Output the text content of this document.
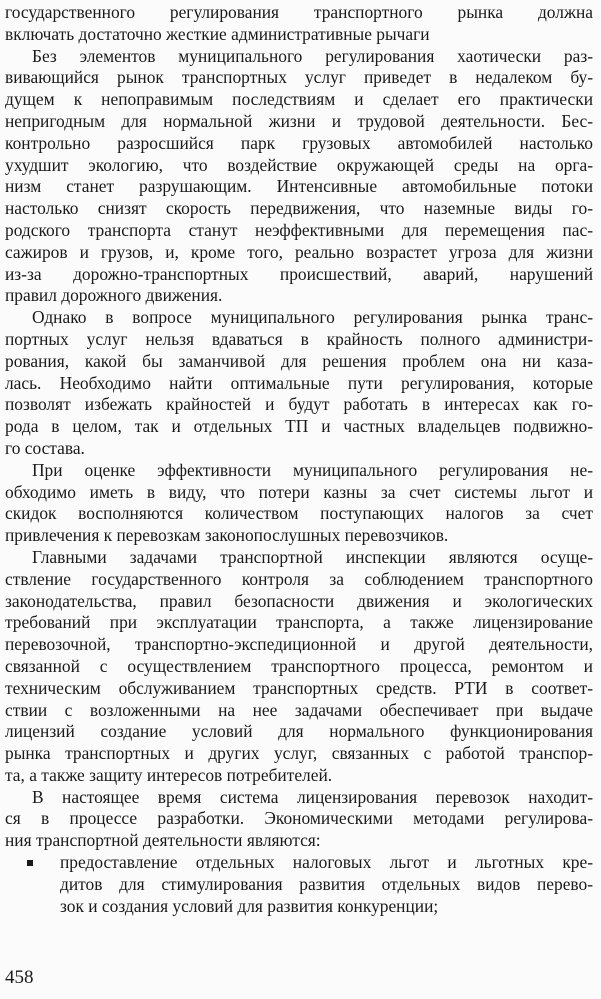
государственного регулирования транспортного рынка должна
включать достаточно жесткие административные рычаги
Без элементов муниципального регулирования хаотически раз-
вивающийся рынок транспортных услуг приведет в недалеком бу-
дущем к непоправимым последствиям и сделает его практически
непригодным для нормальной жизни и трудовой деятельности. Бес-
контрольно разросшийся парк грузовых автомобилей настолько
ухудшит экологию, что воздействие окружающей среды на орга-
низм станет разрушающим. Интенсивные автомобильные потоки
настолько снизят скорость передвижения, что наземные виды го-
родского транспорта станут неэффективными для перемещения пас-
сажиров и грузов, и, кроме того, реально возрастет угроза для жизни
из-за дорожно-транспортных происшествий, аварий, нарушений
правил дорожного движения.
Однако в вопросе муниципального регулирования рынка транс-
портных услуг нельзя вдаваться в крайность полного администри-
рования, какой бы заманчивой для решения проблем она ни каза-
лась. Необходимо найти оптимальные пути регулирования, которые
позволят избежать крайностей и будут работать в интересах как го-
рода в целом, так и отдельных ТП и частных владельцев подвижно-
го состава.
При оценке эффективности муниципального регулирования не-
обходимо иметь в виду, что потери казны за счет системы льгот и
скидок восполняются количеством поступающих налогов за счет
привлечения к перевозкам законопослушных перевозчиков.
Главными задачами транспортной инспекции являются осуще-
ствление государственного контроля за соблюдением транспортного
законодательства, правил безопасности движения и экологических
требований при эксплуатации транспорта, а также лицензирование
перевозочной, транспортно-экспедиционной и другой деятельности,
связанной с осуществлением транспортного процесса, ремонтом и
техническим обслуживанием транспортных средств. РТИ в соответ-
ствии с возложенными на нее задачами обеспечивает при выдаче
лицензий создание условий для нормального функционирования
рынка транспортных и других услуг, связанных с работой транспор-
та, а также защиту интересов потребителей.
В настоящее время система лицензирования перевозок находит-
ся в процессе разработки. Экономическими методами регулирова-
ния транспортной деятельности являются:
предоставление отдельных налоговых льгот и льготных кре-
дитов для стимулирования развития отдельных видов перево-
зок и создания условий для развития конкуренции;
458
